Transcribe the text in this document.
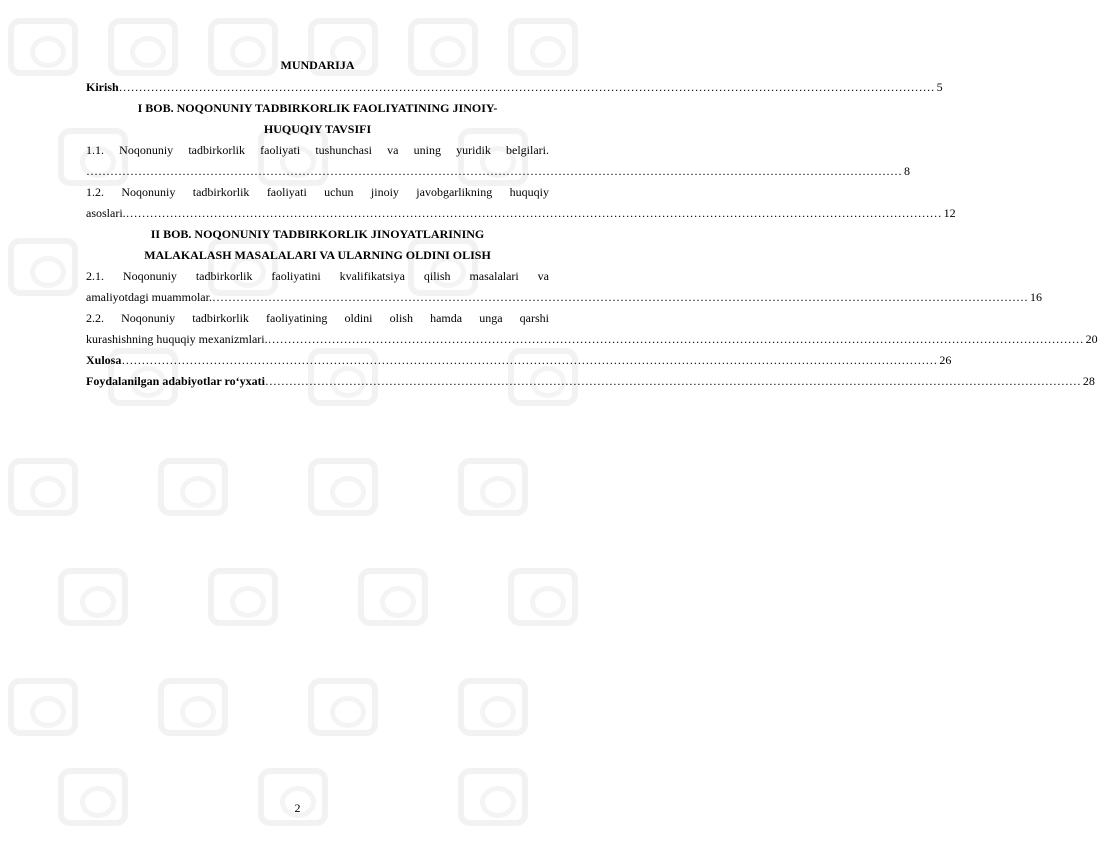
MUNDARIJA
Kirish …………………………………………………………………………………………………………………………………………………………………………………… 5
I BOB. NOQONUNIY TADBIRKORLIK FAOLIYATINING JINOIY-
HUQUQIY TAVSIFI
1.1. Noqonuniy tadbirkorlik faoliyati tushunchasi va uning yuridik belgilari.
…………………………………………………………………………………………………………………………………………………………………………………… 8
1.2. Noqonuniy tadbirkorlik faoliyati uchun jinoiy javobgarlikning huquqiy
asoslari. …………………………………………………………………………………………………………………………………………………………………………………… 12
II BOB. NOQONUNIY TADBIRKORLIK JINOYATLARINING
MALAKALASH MASALALARI VA ULARNING OLDINI OLISH
2.1. Noqonuniy tadbirkorlik faoliyatini kvalifikatsiya qilish masalalari va
amaliyotdagi muammolar. …………………………………………………………………………………………………………………………………………………………………………………… 16
2.2. Noqonuniy tadbirkorlik faoliyatining oldini olish hamda unga qarshi
kurashishning huquqiy mexanizmlari. …………………………………………………………………………………………………………………………………………………………………………………… 20
Xulosa …………………………………………………………………………………………………………………………………………………………………………………… 26
Foydalanilgan adabiyotlar ro‘yxati …………………………………………………………………………………………………………………………………………………………………………………… 28
2
